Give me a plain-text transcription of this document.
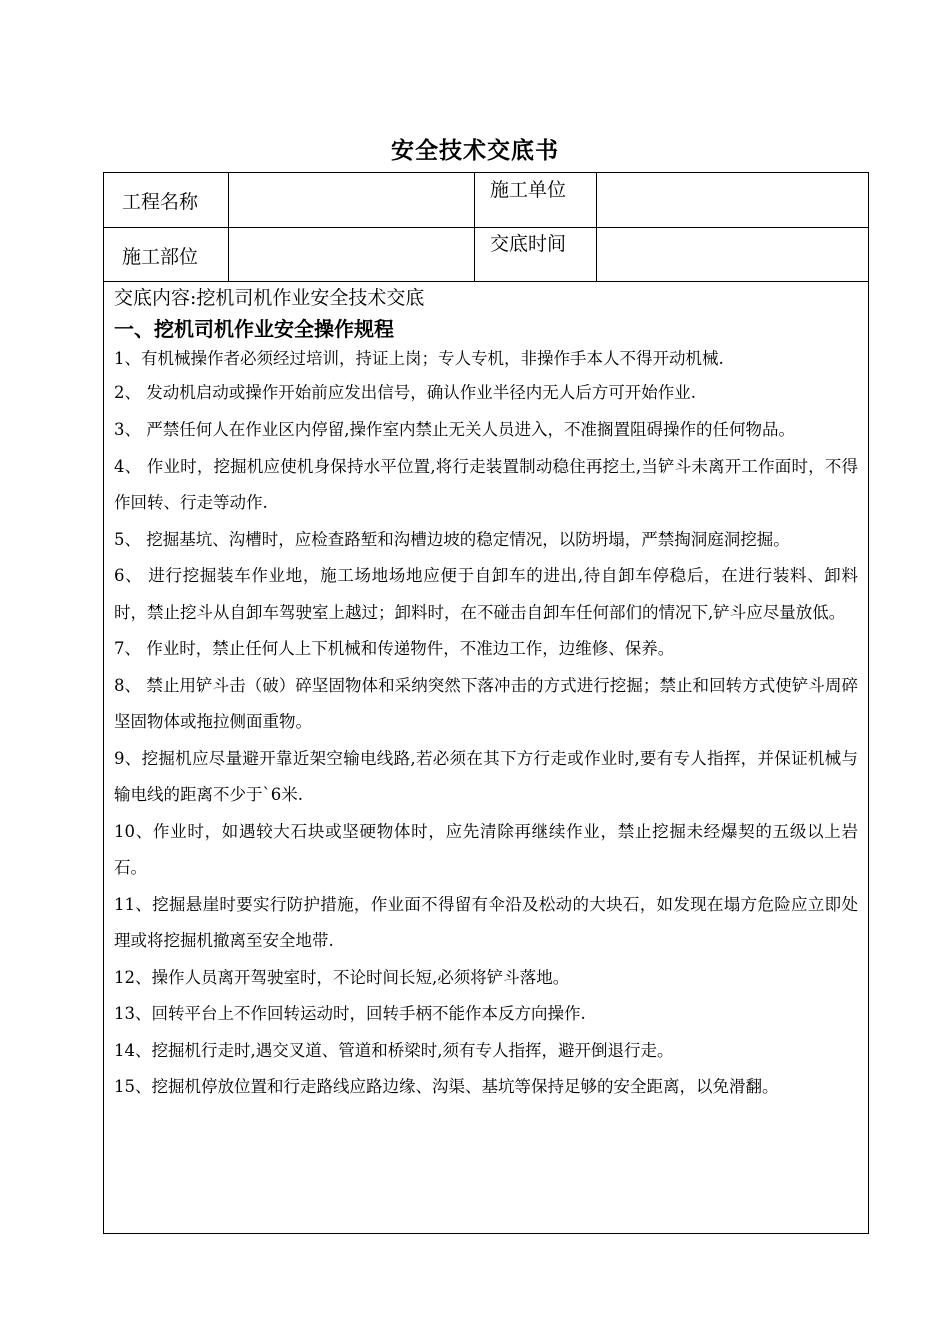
安全技术交底书
工程名称
施工单位
施工部位
交底时间
交底内容:挖机司机作业安全技术交底
一、挖机司机作业安全操作规程
1、有机械操作者必须经过培训，持证上岗；专人专机，非操作手本人不得开动机械.
2、 发动机启动或操作开始前应发出信号，确认作业半径内无人后方可开始作业.
3、 严禁任何人在作业区内停留,操作室内禁止无关人员进入，不准搁置阻碍操作的任何物品。
4、 作业时，挖掘机应使机身保持水平位置,将行走装置制动稳住再挖土,当铲斗未离开工作面时，不得作回转、行走等动作.
5、 挖掘基坑、沟槽时，应检查路堑和沟槽边坡的稳定情况，以防坍塌，严禁掏洞庭洞挖掘。
6、 进行挖掘装车作业地，施工场地场地应便于自卸车的进出,待自卸车停稳后，在进行装料、卸料时，禁止挖斗从自卸车驾驶室上越过；卸料时，在不碰击自卸车任何部们的情况下,铲斗应尽量放低。
7、 作业时，禁止任何人上下机械和传递物件，不准边工作，边维修、保养。
8、 禁止用铲斗击（破）碎坚固物体和采纳突然下落冲击的方式进行挖掘；禁止和回转方式使铲斗周碎坚固物体或拖拉侧面重物。
9、挖掘机应尽量避开靠近架空输电线路,若必须在其下方行走或作业时,要有专人指挥，并保证机械与输电线的距离不少于`6米.
10、作业时，如遇较大石块或坚硬物体时，应先清除再继续作业，禁止挖掘未经爆契的五级以上岩石。
11、挖掘悬崖时要实行防护措施，作业面不得留有伞沿及松动的大块石，如发现在塌方危险应立即处理或将挖掘机撤离至安全地带.
12、操作人员离开驾驶室时，不论时间长短,必须将铲斗落地。
13、回转平台上不作回转运动时，回转手柄不能作本反方向操作.
14、挖掘机行走时,遇交叉道、管道和桥梁时,须有专人指挥，避开倒退行走。
15、挖掘机停放位置和行走路线应路边缘、沟渠、基坑等保持足够的安全距离，以免滑翻。
